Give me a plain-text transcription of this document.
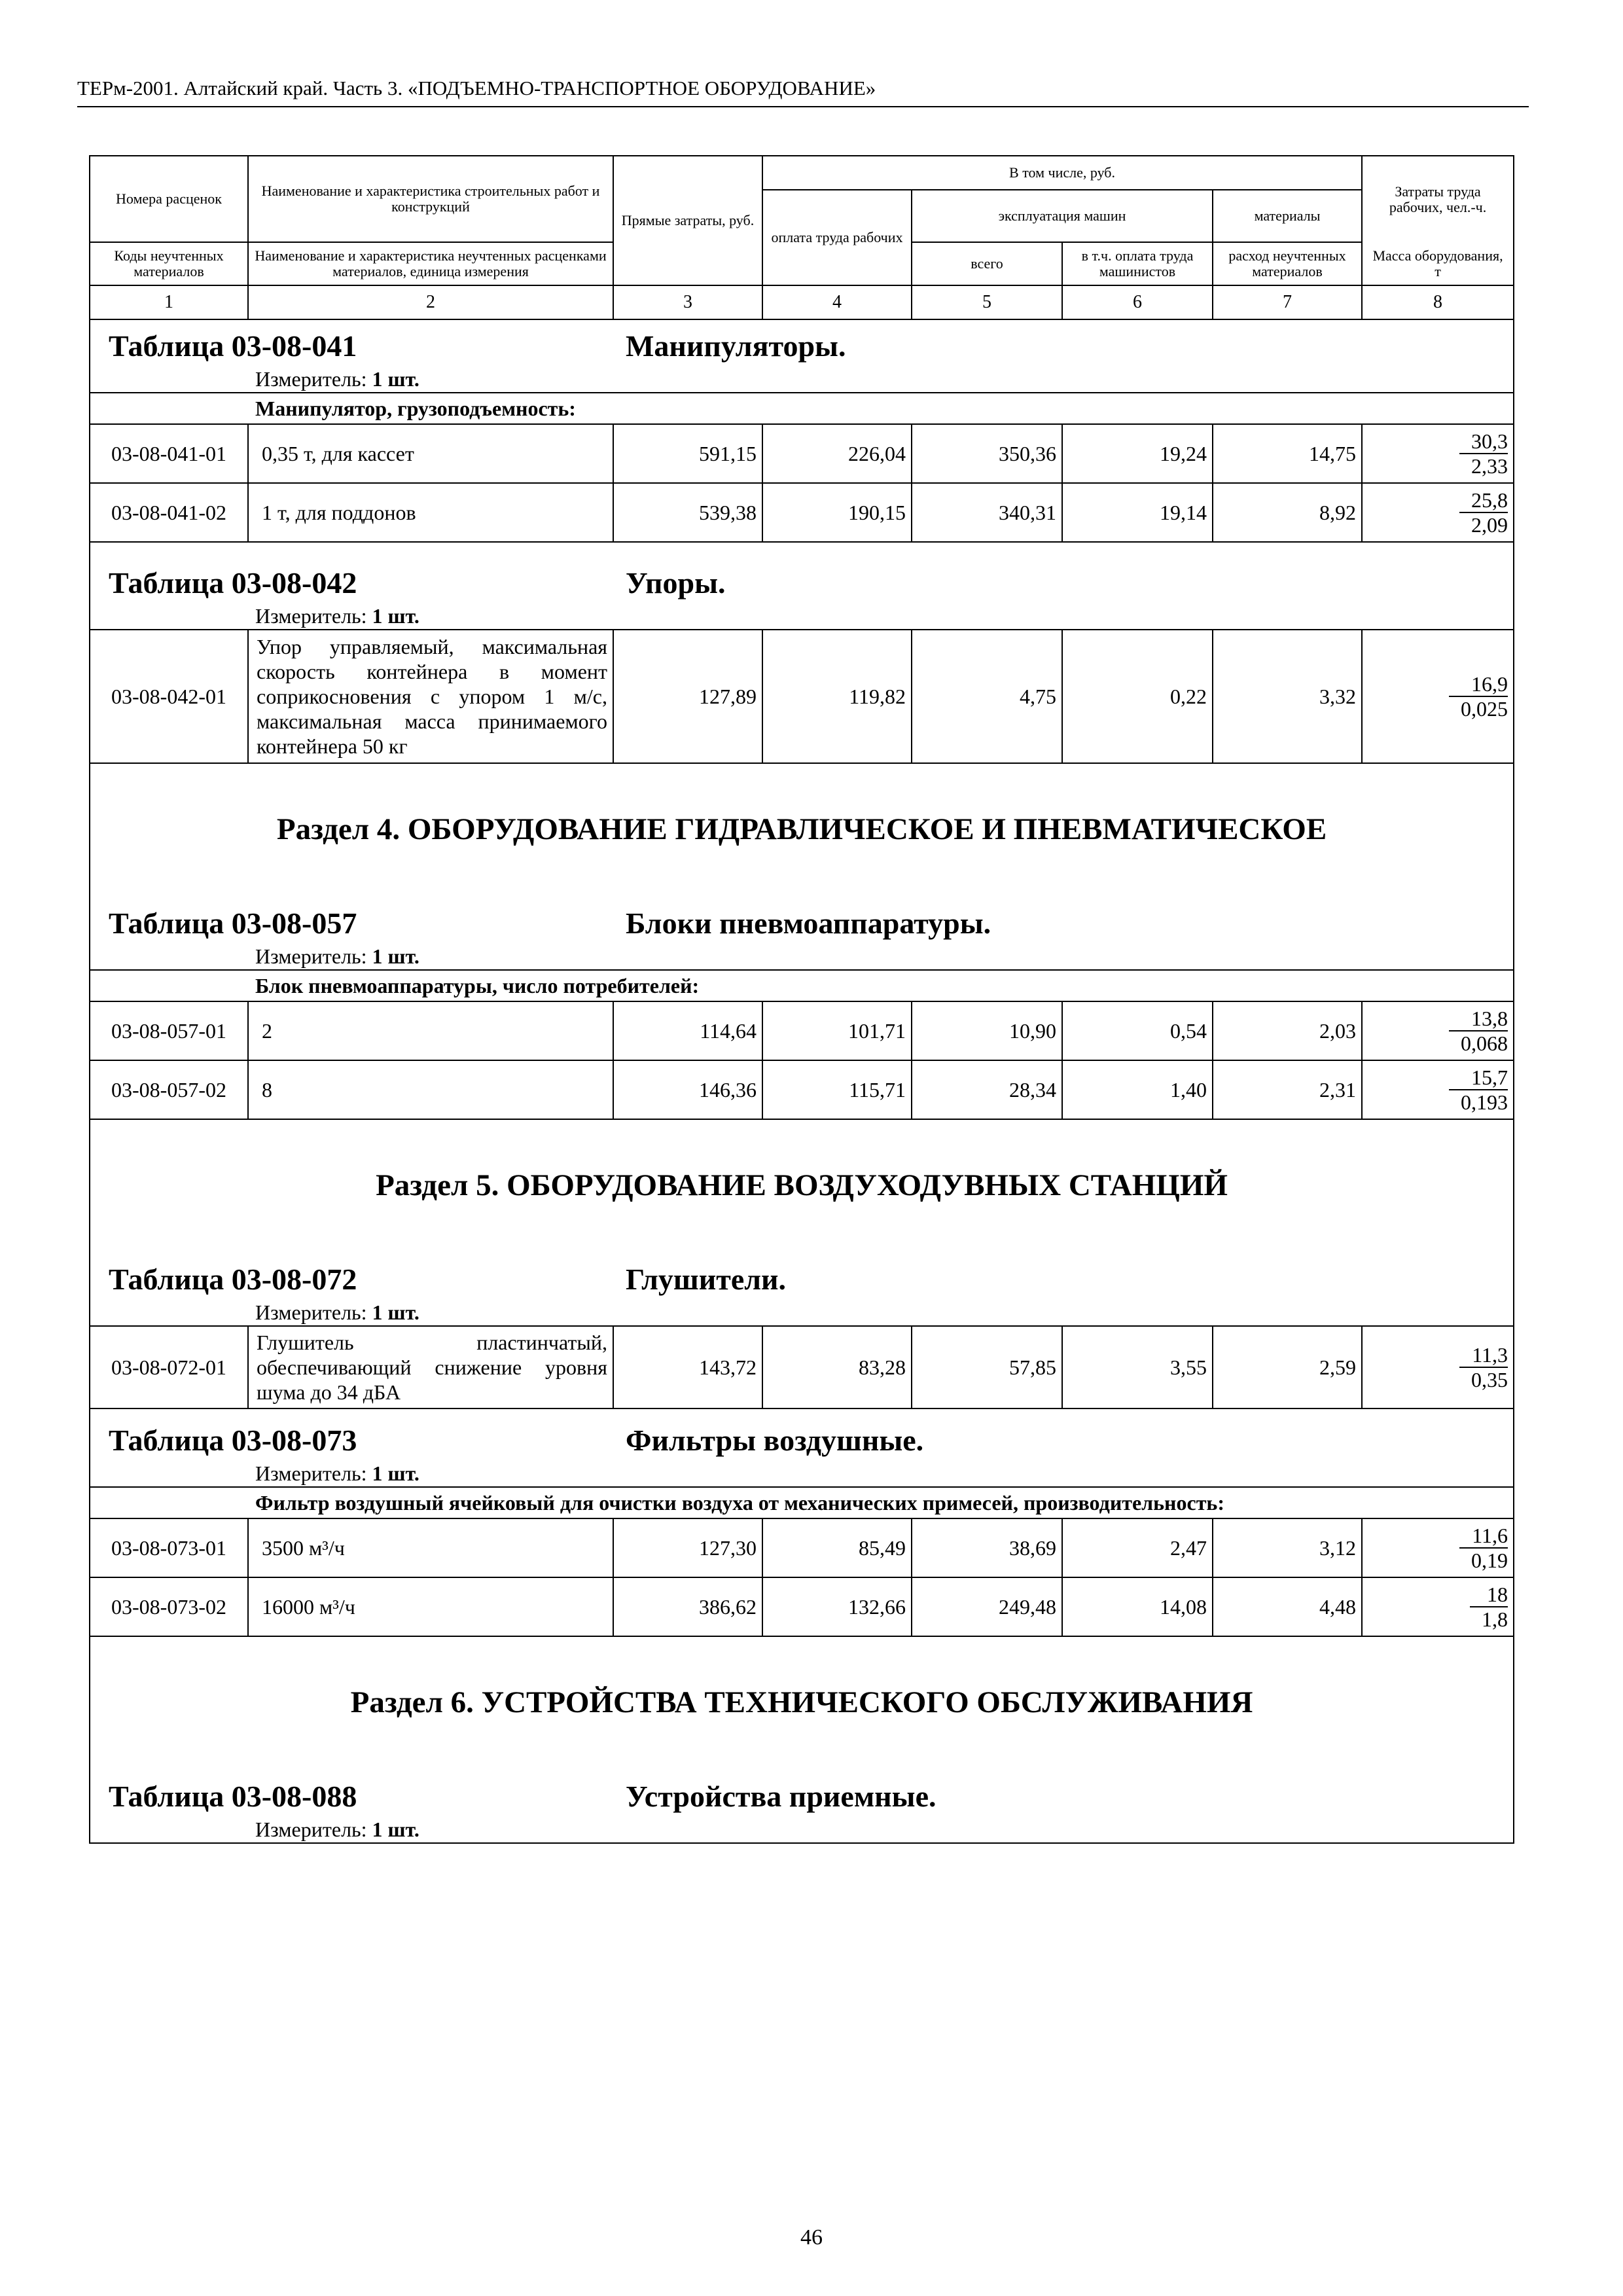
ТЕРм-2001. Алтайский край. Часть 3. «ПОДЪЕМНО-ТРАНСПОРТНОЕ ОБОРУДОВАНИЕ»
Номера расценок	Наименование и характеристика строительных работ и конструкций	Прямые затраты, руб.	В том числе, руб.				Затраты труда рабочих, чел.-ч.
			оплата труда рабочих	эксплуатация машин		материалы	
Коды неучтенных материалов	Наименование и характеристика неучтенных расценками материалов, единица измерения			всего	в т.ч. оплата труда машинистов	расход неучтенных материалов	Масса оборудования, т

1	2	3	4	5	6	7	8
Таблица 03-08-041 Манипуляторы.							
Измеритель: 1 шт.							
Манипулятор, грузоподъемность:							
03-08-041-01	0,35 т, для кассет	591,15	226,04	350,36	19,24	14,75	30,3
2,33
03-08-041-02	1 т, для поддонов	539,38	190,15	340,31	19,14	8,92	25,8
2,09
Таблица 03-08-042 Упоры.							
Измеритель: 1 шт.							
03-08-042-01	Упор управляемый, максимальная скорость контейнера в момент соприкосновения с упором 1 м/с, максимальная масса принимаемого контейнера 50 кг	127,89	119,82	4,75	0,22	3,32	16,9
0,025
Раздел 4. ОБОРУДОВАНИЕ ГИДРАВЛИЧЕСКОЕ И ПНЕВМАТИЧЕСКОЕ							
Таблица 03-08-057 Блоки пневмоаппаратуры.							
Измеритель: 1 шт.							
Блок пневмоаппаратуры, число потребителей:							
03-08-057-01	2	114,64	101,71	10,90	0,54	2,03	13,8
0,068
03-08-057-02	8	146,36	115,71	28,34	1,40	2,31	15,7
0,193
Раздел 5. ОБОРУДОВАНИЕ ВОЗДУХОДУВНЫХ СТАНЦИЙ							
Таблица 03-08-072 Глушители.							
Измеритель: 1 шт.							
03-08-072-01	Глушитель пластинчатый, обеспечивающий снижение уровня шума до 34 дБА	143,72	83,28	57,85	3,55	2,59	11,3
0,35
Таблица 03-08-073 Фильтры воздушные.							
Измеритель: 1 шт.							
Фильтр воздушный ячейковый для очистки воздуха от механических примесей, производительность:							
03-08-073-01	3500 м³/ч	127,30	85,49	38,69	2,47	3,12	11,6
0,19
03-08-073-02	16000 м³/ч	386,62	132,66	249,48	14,08	4,48	18
1,8
Раздел 6. УСТРОЙСТВА ТЕХНИЧЕСКОГО ОБСЛУЖИВАНИЯ							
Таблица 03-08-088 Устройства приемные.							
Измеритель: 1 шт.							
46
